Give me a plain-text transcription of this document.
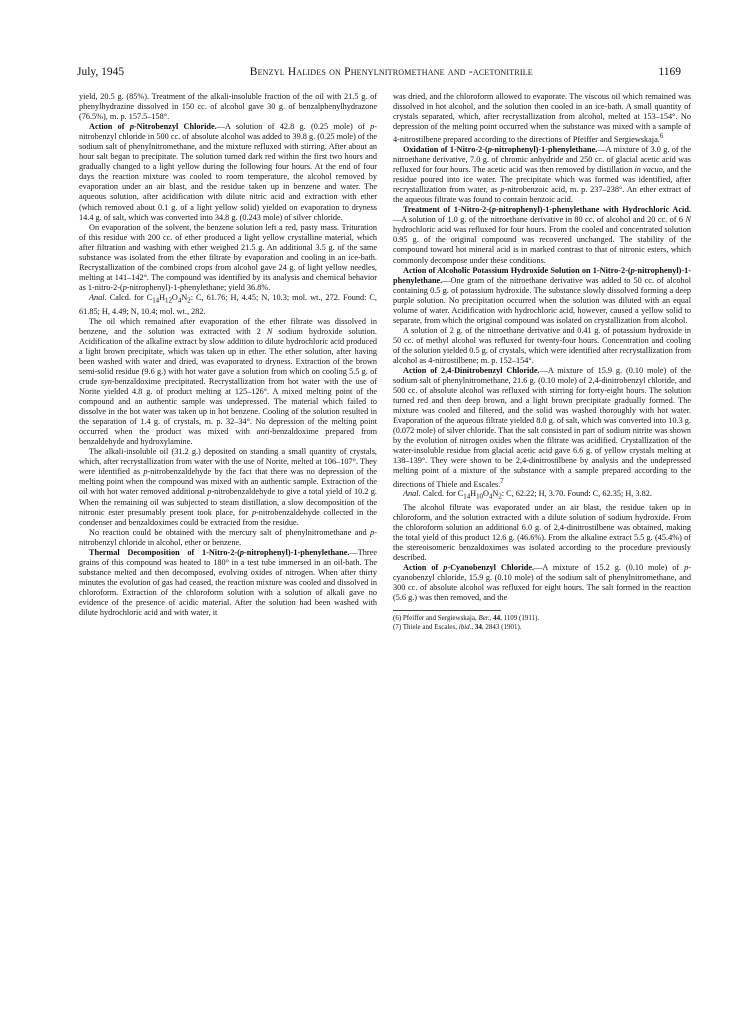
July, 1945	Benzyl Halides on Phenylnitromethane and -acetonitrile	1169

yield, 20.5 g. (85%). Treatment of the alkali-insoluble fraction of the oil with 21.5 g. of phenylhydrazine dissolved in 150 cc. of alcohol gave 30 g. of benzalphenylhydrazone (76.5%), m. p. 157.5–158°.

Action of p-Nitrobenzyl Chloride.—A solution of 42.8 g. (0.25 mole) of p-nitrobenzyl chloride in 500 cc. of absolute alcohol was added to 39.8 g. (0.25 mole) of the sodium salt of phenylnitromethane, and the mixture refluxed with stirring. After about an hour salt began to precipitate. The solution turned dark red within the first two hours and gradually changed to a light yellow during the following four hours. At the end of four days the reaction mixture was cooled to room temperature, the alcohol removed by evaporation under an air blast, and the residue taken up in benzene and water. The aqueous solution, after acidification with dilute nitric acid and extraction with ether (which removed about 0.1 g. of a light yellow solid) yielded on evaporation to dryness 14.4 g. of salt, which was converted into 34.8 g. (0.243 mole) of silver chloride.

On evaporation of the solvent, the benzene solution left a red, pasty mass. Trituration of this residue with 200 cc. of ether produced a light yellow crystalline material, which after filtration and washing with ether weighed 21.5 g. An additional 3.5 g. of the same substance was isolated from the ether filtrate by evaporation and cooling in an ice-bath. Recrystallization of the combined crops from alcohol gave 24 g. of light yellow needles, melting at 141–142°. The compound was identified by its analysis and chemical behavior as 1-nitro-2-(p-nitrophenyl)-1-phenylethane; yield 36.8%.

Anal. Calcd. for $C_{14}H_{12}O_4N_2$: C, 61.76; H, 4.45; N, 10.3; mol. wt., 272. Found: C, 61.85; H, 4.49; N, 10.4; mol. wt., 282.

The oil which remained after evaporation of the ether filtrate was dissolved in benzene, and the solution was extracted with 2 N sodium hydroxide solution. Acidification of the alkaline extract by slow addition to dilute hydrochloric acid produced a light brown precipitate, which was taken up in ether. The ether solution, after having been washed with water and dried, was evaporated to dryness. Extraction of the brown semi-solid residue (9.6 g.) with hot water gave a solution from which on cooling 5.5 g. of crude syn-benzaldoxime precipitated. Recrystallization from hot water with the use of Norite yielded 4.8 g. of product melting at 125–126°. A mixed melting point of the compound and an authentic sample was undepressed. The material which failed to dissolve in the hot water was taken up in hot benzene. Cooling of the solution resulted in the separation of 1.4 g. of crystals, m. p. 32–34°. No depression of the melting point occurred when the product was mixed with anti-benzaldoxime prepared from benzaldehyde and hydroxylamine.

The alkali-insoluble oil (31.2 g.) deposited on standing a small quantity of crystals, which, after recrystallization from water with the use of Norite, melted at 106–107°. They were identified as p-nitrobenzaldehyde by the fact that there was no depression of the melting point when the compound was mixed with an authentic sample. Extraction of the oil with hot water removed additional p-nitrobenzaldehyde to give a total yield of 10.2 g. When the remaining oil was subjected to steam distillation, a slow decomposition of the nitronic ester presumably present took place, for p-nitrobenzaldehyde collected in the condenser and benzaldoximes could be extracted from the residue.

No reaction could be obtained with the mercury salt of phenylnitromethane and p-nitrobenzyl chloride in alcohol, ether or benzene.

Thermal Decomposition of 1-Nitro-2-(p-nitrophenyl)-1-phenylethane.—Three grains of this compound was heated to 180° in a test tube immersed in an oil-bath. The substance melted and then decomposed, evolving oxides of nitrogen. When after thirty minutes the evolution of gas had ceased, the reaction mixture was cooled and dissolved in chloroform. Extraction of the chloroform solution with a solution of alkali gave no evidence of the presence of acidic material. After the solution had been washed with dilute hydrochloric acid and with water, it

was dried, and the chloroform allowed to evaporate. The viscous oil which remained was dissolved in hot alcohol, and the solution then cooled in an ice-bath. A small quantity of crystals separated, which, after recrystallization from alcohol, melted at 153–154°. No depression of the melting point occurred when the substance was mixed with a sample of 4-nitrostilbene prepared according to the directions of Pfeiffer and Sergiewskaja.$^6$

Oxidation of 1-Nitro-2-(p-nitrophenyl)-1-phenylethane.—A mixture of 3.0 g. of the nitroethane derivative, 7.0 g. of chromic anhydride and 250 cc. of glacial acetic acid was refluxed for four hours. The acetic acid was then removed by distillation in vacuo, and the residue poured into ice water. The precipitate which was formed was identified, after recrystallization from water, as p-nitrobenzoic acid, m. p. 237–238°. An ether extract of the aqueous filtrate was found to contain benzoic acid.

Treatment of 1-Nitro-2-(p-nitrophenyl)-1-phenylethane with Hydrochloric Acid.—A solution of 1.0 g. of the nitroethane derivative in 80 cc. of alcohol and 20 cc. of 6 N hydrochloric acid was refluxed for four hours. From the cooled and concentrated solution 0.95 g. of the original compound was recovered unchanged. The stability of the compound toward hot mineral acid is in marked contrast to that of nitronic esters, which commonly decompose under these conditions.

Action of Alcoholic Potassium Hydroxide Solution on 1-Nitro-2-(p-nitrophenyl)-1-phenylethane.—One gram of the nitroethane derivative was added to 50 cc. of alcohol containing 0.5 g. of potassium hydroxide. The substance slowly dissolved forming a deep purple solution. No precipitation occurred when the solution was diluted with an equal volume of water. Acidification with hydrochloric acid, however, caused a yellow solid to separate, from which the original compound was isolated on crystallization from alcohol.

A solution of 2 g. of the nitroethane derivative and 0.41 g. of potassium hydroxide in 50 cc. of methyl alcohol was refluxed for twenty-four hours. Concentration and cooling of the solution yielded 0.5 g. of crystals, which were identified after recrystallization from alcohol as 4-nitrostilbene; m. p. 152–154°.

Action of 2,4-Dinitrobenzyl Chloride.—A mixture of 15.9 g. (0.10 mole) of the sodium salt of phenylnitromethane, 21.6 g. (0.10 mole) of 2,4-dinitrobenzyl chloride, and 500 cc. of absolute alcohol was refluxed with stirring for forty-eight hours. The solution turned red and then deep brown, and a light brown precipitate gradually formed. The mixture was cooled and filtered, and the solid was washed thoroughly with hot water. Evaporation of the aqueous filtrate yielded 8.0 g. of salt, which was converted into 10.3 g. (0.072 mole) of silver chloride. That the salt consisted in part of sodium nitrite was shown by the evolution of nitrogen oxides when the filtrate was acidified. Crystallization of the water-insoluble residue from glacial acetic acid gave 6.6 g. of yellow crystals melting at 138–139°. They were shown to be 2,4-dinitrostilbene by analysis and the undepressed melting point of a mixture of the substance with a sample prepared according to the directions of Thiele and Escales.$^7$

Anal. Calcd. for $C_{14}H_{10}O_4N_2$: C, 62.22; H, 3.70. Found: C, 62.35; H, 3.82.

The alcohol filtrate was evaporated under an air blast, the residue taken up in chloroform, and the solution extracted with a dilute solution of sodium hydroxide. From the chloroform solution an additional 6.0 g. of 2,4-dinitrostilbene was obtained, making the total yield of this product 12.6 g. (46.6%). From the alkaline extract 5.5 g. (45.4%) of the stereoisomeric benzaldoximes was isolated according to the procedure previously described.

Action of p-Cyanobenzyl Chloride.—A mixture of 15.2 g. (0.10 mole) of p-cyanobenzyl chloride, 15.9 g. (0.10 mole) of the sodium salt of phenylnitromethane, and 300 cc. of absolute alcohol was refluxed for eight hours. The salt formed in the reaction (5.6 g.) was then removed, and the

(6) Pfeiffer and Sergiewskaja, Ber., 44, 1109 (1911).

(7) Thiele and Escales, ibid., 34, 2843 (1901).
